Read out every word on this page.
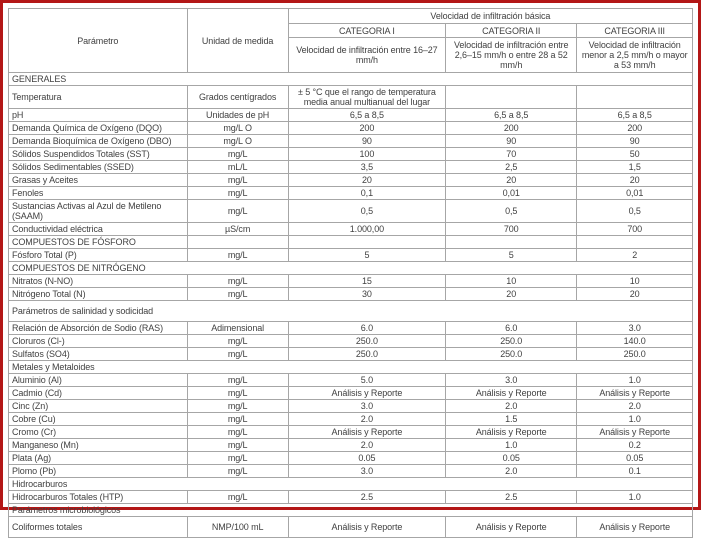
Parámetro	Unidad de medida	Velocidad de infiltración básica		
		CATEGORIA I	CATEGORIA II	CATEGORIA III
		Velocidad de infiltración entre 16–27 mm/h	Velocidad de infiltración entre 2,6–15 mm/h o entre 28 a 52 mm/h	Velocidad de infiltración menor a 2,5 mm/h o mayor a 53 mm/h
GENERALES				
Temperatura	Grados centígrados	± 5 °C que el rango de temperatura media anual multianual del lugar		
pH	Unidades de pH	6,5 a 8,5	6,5 a 8,5	6,5 a 8,5
Demanda Química de Oxígeno (DQO)	mg/L O	200	200	200
Demanda Bioquímica de Oxígeno (DBO)	mg/L O	90	90	90
Sólidos Suspendidos Totales (SST)	mg/L	100	70	50
Sólidos Sedimentables (SSED)	mL/L	3,5	2,5	1,5
Grasas y Aceites	mg/L	20	20	20
Fenoles	mg/L	0,1	0,01	0,01
Sustancias Activas al Azul de Metileno (SAAM)	mg/L	0,5	0,5	0,5
Conductividad eléctrica	µS/cm	1.000,00	700	700
COMPUESTOS DE FÓSFORO				
Fósforo Total (P)	mg/L	5	5	2
COMPUESTOS DE NITRÓGENO				
Nitratos (N-NO)	mg/L	15	10	10
Nitrógeno Total (N)	mg/L	30	20	20
Parámetros de salinidad y sodicidad				
Relación de Absorción de Sodio (RAS)	Adimensional	6.0	6.0	3.0
Cloruros (Cl-)	mg/L	250.0	250.0	140.0
Sulfatos (SO4)	mg/L	250.0	250.0	250.0
Metales y Metaloides				
Aluminio (Al)	mg/L	5.0	3.0	1.0
Cadmio (Cd)	mg/L	Análisis y Reporte	Análisis y Reporte	Análisis y Reporte
Cinc (Zn)	mg/L	3.0	2.0	2.0
Cobre (Cu)	mg/L	2.0	1.5	1.0
Cromo (Cr)	mg/L	Análisis y Reporte	Análisis y Reporte	Análisis y Reporte
Manganeso (Mn)	mg/L	2.0	1.0	0.2
Plata (Ag)	mg/L	0.05	0.05	0.05
Plomo (Pb)	mg/L	3.0	2.0	0.1
Hidrocarburos				
Hidrocarburos Totales (HTP)	mg/L	2.5	2.5	1.0
Parámetros microbiológicos				
Coliformes totales	NMP/100 mL	Análisis y Reporte	Análisis y Reporte	Análisis y Reporte
